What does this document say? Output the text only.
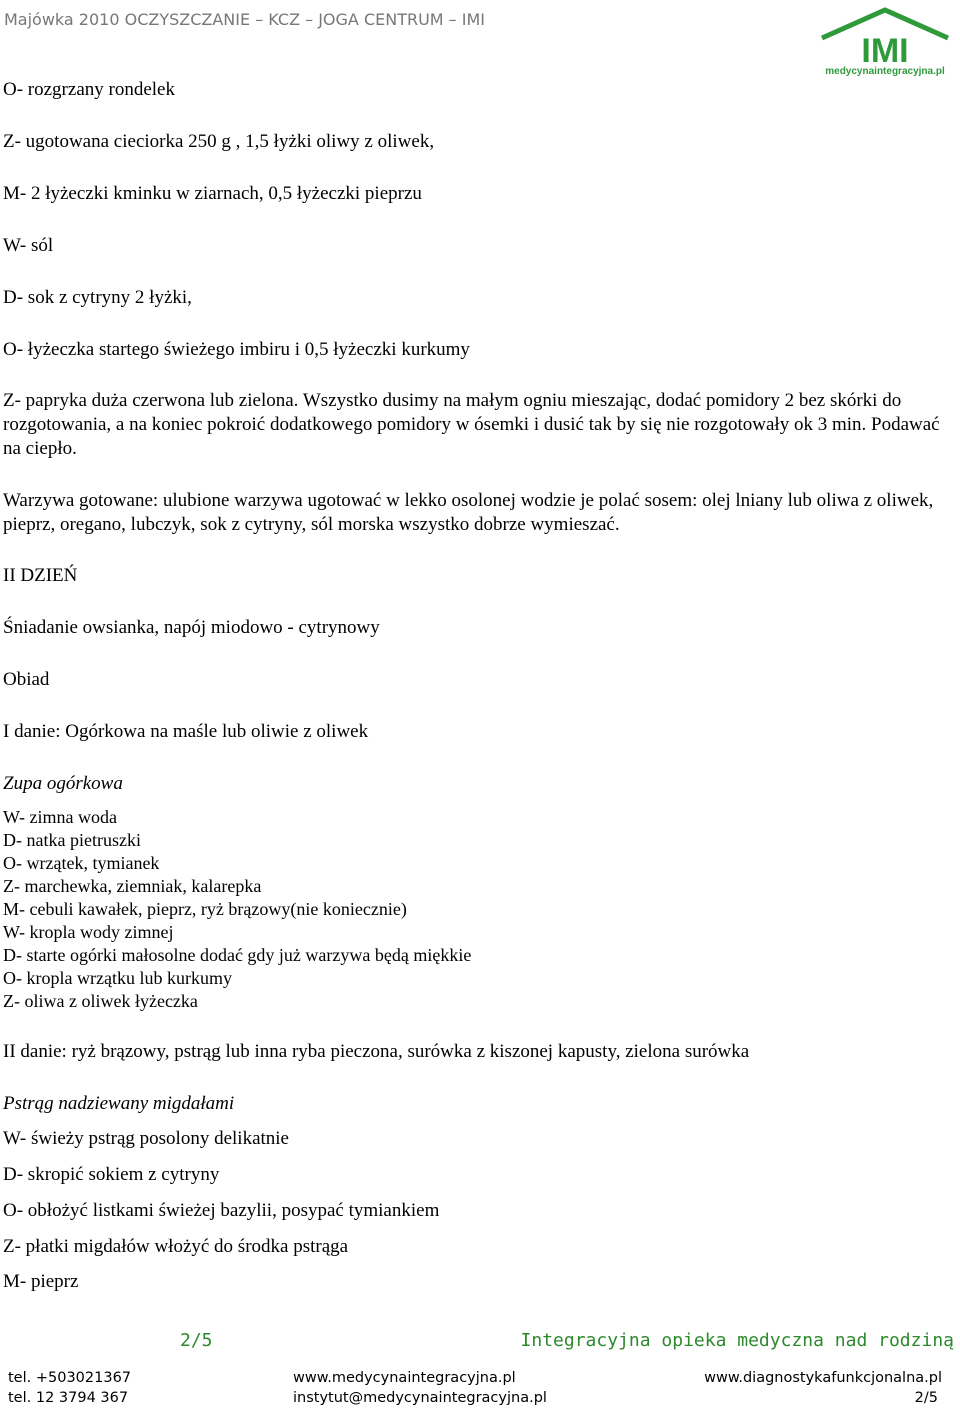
Majówka 2010 OCZYSZCZANIE – KCZ – JOGA CENTRUM – IMI
IMI
medycynaintegracyjna.pl

O- rozgrzany rondelek

Z- ugotowana cieciorka 250 g , 1,5 łyżki oliwy z oliwek,

M- 2 łyżeczki kminku w ziarnach, 0,5 łyżeczki pieprzu

W- sól

D- sok z cytryny 2 łyżki,

O- łyżeczka startego świeżego imbiru i 0,5 łyżeczki kurkumy

Z- papryka duża czerwona lub zielona. Wszystko dusimy na małym ogniu mieszając, dodać pomidory 2 bez skórki do rozgotowania, a na koniec pokroić dodatkowego pomidory w ósemki i dusić tak by się nie rozgotowały ok 3 min. Podawać na ciepło.

Warzywa gotowane: ulubione warzywa ugotować w lekko osolonej wodzie je polać sosem: olej lniany lub oliwa z oliwek, pieprz, oregano, lubczyk, sok z cytryny, sól morska wszystko dobrze wymieszać.

II DZIEŃ

Śniadanie owsianka, napój miodowo - cytrynowy

Obiad

I danie: Ogórkowa na maśle lub oliwie z oliwek

Zupa ogórkowa

W- zimna woda
D- natka pietruszki
O- wrzątek, tymianek
Z- marchewka, ziemniak, kalarepka
M- cebuli kawałek, pieprz, ryż brązowy(nie koniecznie)
W- kropla wody zimnej
D- starte ogórki małosolne dodać gdy już warzywa będą miękkie
O- kropla wrzątku lub kurkumy
Z- oliwa z oliwek łyżeczka

II danie: ryż brązowy, pstrąg lub inna ryba pieczona, surówka z kiszonej kapusty, zielona surówka

Pstrąg nadziewany migdałami

W- świeży pstrąg posolony delikatnie

D- skropić sokiem z cytryny

O- obłożyć listkami świeżej bazylii, posypać tymiankiem

Z- płatki migdałów włożyć do środka pstrąga

M- pieprz

2/5	Integracyjna opieka medyczna nad rodziną
tel. +503021367
tel. 12 3794 367
www.medycynaintegracyjna.pl
instytut@medycynaintegracyjna.pl
www.diagnostykafunkcjonalna.pl
2/5
